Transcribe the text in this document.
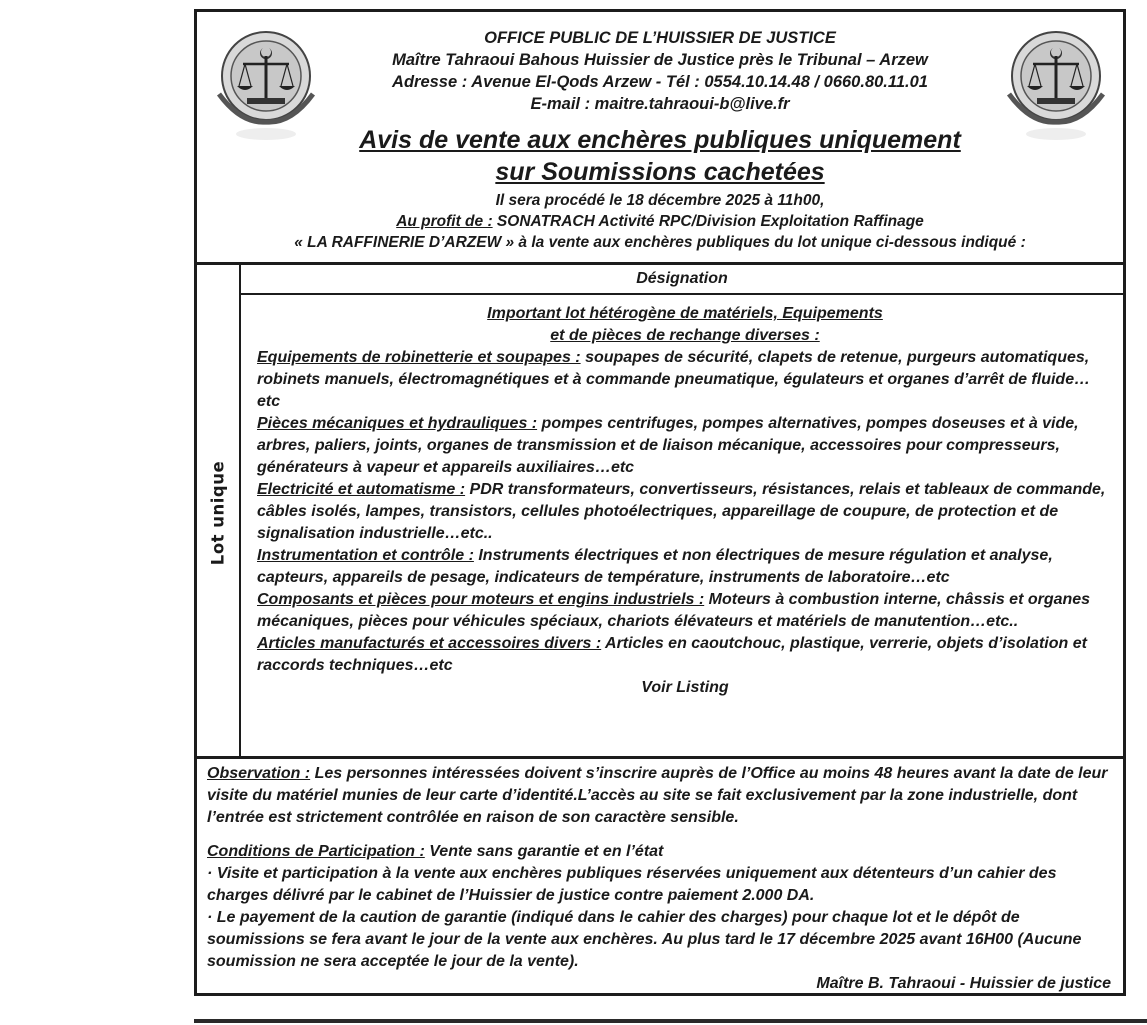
OFFICE PUBLIC DE L’HUISSIER DE JUSTICE
Maître Tahraoui Bahous Huissier de Justice près le Tribunal – Arzew
Adresse : Avenue El-Qods Arzew - Tél : 0554.10.14.48 / 0660.80.11.01
E-mail : maitre.tahraoui-b@live.fr
Avis de vente aux enchères publiques uniquement
sur Soumissions cachetées
Il sera procédé le 18 décembre 2025 à 11h00,
Au profit de : SONATRACH Activité RPC/Division Exploitation Raffinage
« LA RAFFINERIE D’ARZEW » à la vente aux enchères publiques du lot unique ci-dessous indiqué :
Lot unique
Désignation
Important lot hétérogène de matériels, Equipements
et de pièces de rechange diverses :
Equipements de robinetterie et soupapes : soupapes de sécurité, clapets de retenue, purgeurs automatiques, robinets manuels, électromagnétiques et à commande pneumatique, égulateurs et organes d’arrêt de fluide…etc
Pièces mécaniques et hydrauliques : pompes centrifuges, pompes alternatives, pompes doseuses et à vide, arbres, paliers, joints, organes de transmission et de liaison mécanique, accessoires pour compresseurs, générateurs à vapeur et appareils auxiliaires…etc
Electricité et automatisme : PDR transformateurs, convertisseurs, résistances, relais et tableaux de commande, câbles isolés, lampes, transistors, cellules photoélectriques, appareillage de coupure, de protection et de signalisation industrielle…etc..
Instrumentation et contrôle : Instruments électriques et non électriques de mesure régulation et analyse, capteurs, appareils de pesage, indicateurs de température, instruments de laboratoire…etc
Composants et pièces pour moteurs et engins industriels : Moteurs à combustion interne, châssis et organes mécaniques, pièces pour véhicules spéciaux, chariots élévateurs et matériels de manutention…etc..
Articles manufacturés et accessoires divers : Articles en caoutchouc, plastique, verrerie, objets d’isolation et raccords techniques…etc
Voir Listing
Observation : Les personnes intéressées doivent s’inscrire auprès de l’Office au moins 48 heures avant la date de leur visite du matériel munies de leur carte d’identité.L’accès au site se fait exclusivement par la zone industrielle, dont l’entrée est strictement contrôlée en raison de son caractère sensible.
Conditions de Participation : Vente sans garantie et en l’état
· Visite et participation à la vente aux enchères publiques réservées uniquement aux détenteurs d’un cahier des charges délivré par le cabinet de l’Huissier de justice contre paiement 2.000 DA.
· Le payement de la caution de garantie (indiqué dans le cahier des charges) pour chaque lot et le dépôt de soumissions se fera avant le jour de la vente aux enchères. Au plus tard le 17 décembre 2025 avant 16H00 (Aucune soumission ne sera acceptée le jour de la vente).
Maître B. Tahraoui - Huissier de justice
